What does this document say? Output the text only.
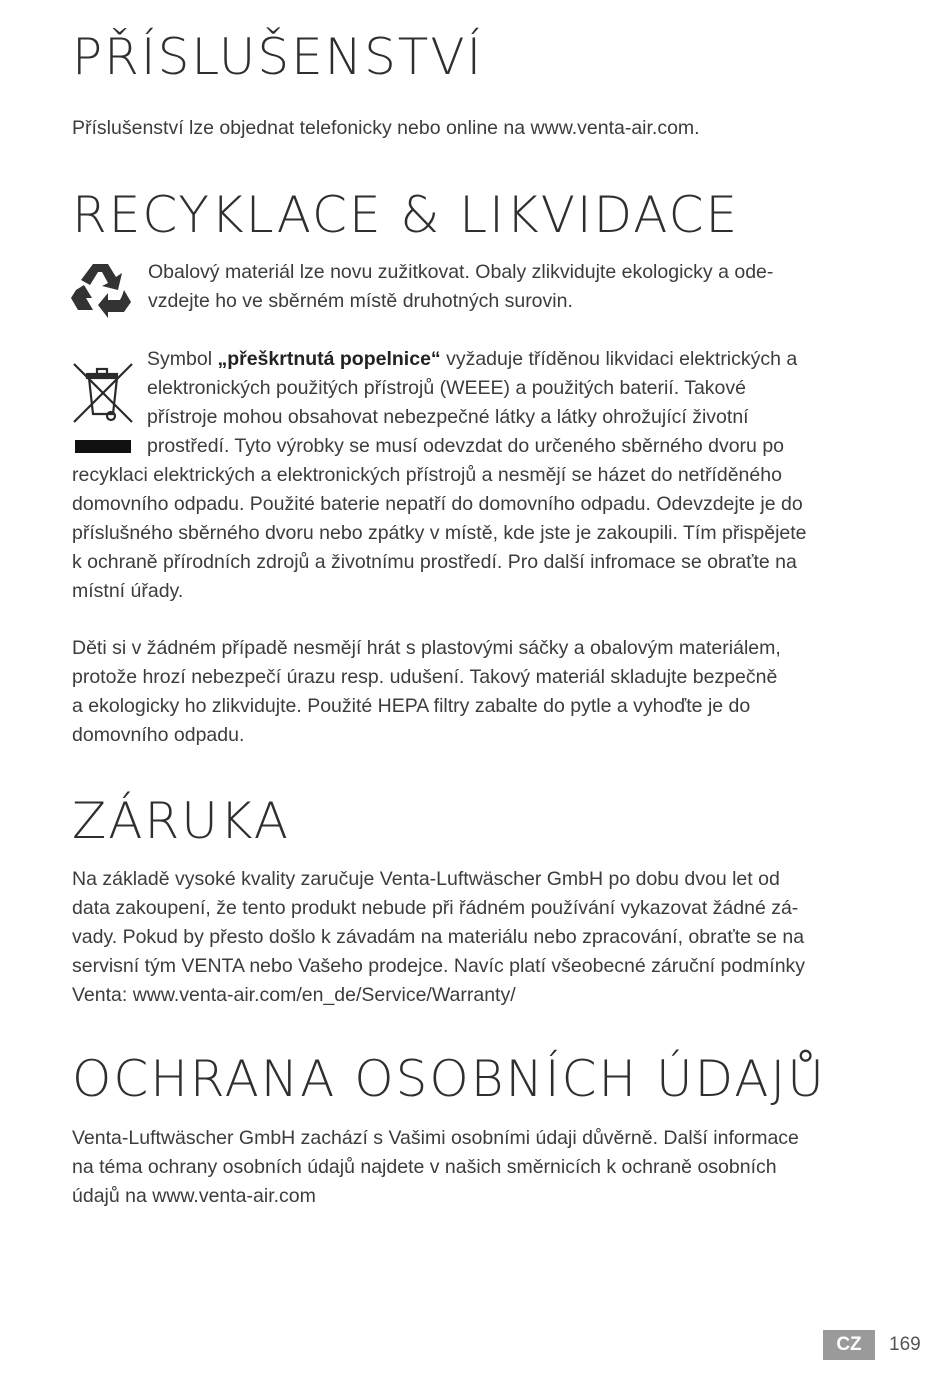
PŘÍSLUŠENSTVÍ

Příslušenství lze objednat telefonicky nebo online na www.venta-air.com.

RECYKLACE & LIKVIDACE

Obalový materiál lze novu zužitkovat. Obaly zlikvidujte ekologicky a ode-

vzdejte ho ve sběrném místě druhotných surovin.

Symbol „přeškrtnutá popelnice“ vyžaduje tříděnou likvidaci elektrických a

elektronických použitých přístrojů (WEEE) a použitých baterií. Takové

přístroje mohou obsahovat nebezpečné látky a látky ohrožující životní

prostředí. Tyto výrobky se musí odevzdat do určeného sběrného dvoru po

recyklaci elektrických a elektronických přístrojů a nesmějí se házet do netříděného

domovního odpadu. Použité baterie nepatří do domovního odpadu. Odevzdejte je do

příslušného sběrného dvoru nebo zpátky v místě, kde jste je zakoupili. Tím přispějete

k ochraně přírodních zdrojů a životnímu prostředí. Pro další infromace se obraťte na

místní úřady.

Děti si v žádném případě nesmějí hrát s plastovými sáčky a obalovým materiálem,

protože hrozí nebezpečí úrazu resp. udušení. Takový materiál skladujte bezpečně

a ekologicky ho zlikvidujte. Použité HEPA filtry zabalte do pytle a vyhoďte je do

domovního odpadu.

ZÁRUKA

Na základě vysoké kvality zaručuje Venta-Luftwäscher GmbH po dobu dvou let od

data zakoupení, že tento produkt nebude při řádném používání vykazovat žádné zá-

vady. Pokud by přesto došlo k závadám na materiálu nebo zpracování, obraťte se na

servisní tým VENTA nebo Vašeho prodejce. Navíc platí všeobecné záruční podmínky

Venta: www.venta-air.com/en_de/Service/Warranty/

OCHRANA OSOBNÍCH ÚDAJŮ

Venta-Luftwäscher GmbH zachází s Vašimi osobními údaji důvěrně. Další informace

na téma ochrany osobních údajů najdete v našich směrnicích k ochraně osobních

údajů na www.venta-air.com

CZ	169
